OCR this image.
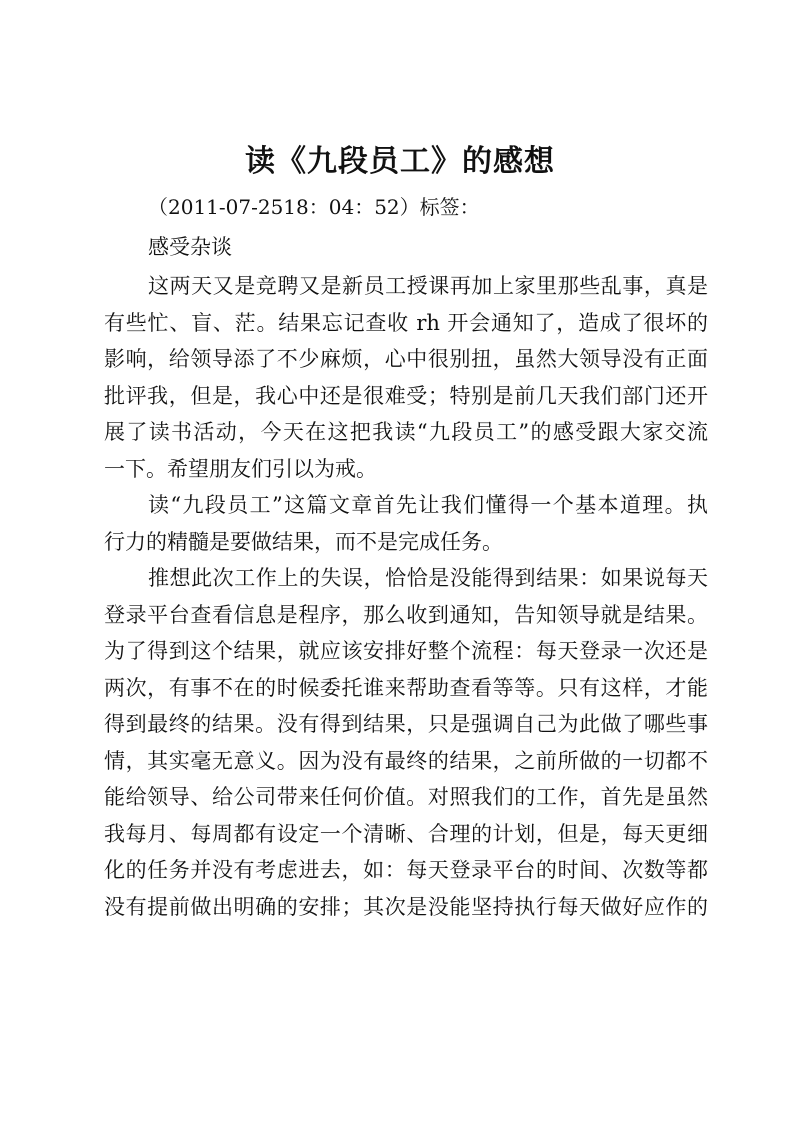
读《九段员工》的感想
（2011-07-2518：04：52）标签：
感受杂谈
这两天又是竞聘又是新员工授课再加上家里那些乱事，真是
有些忙、盲、茫。结果忘记查收 rh 开会通知了，造成了很坏的
影响，给领导添了不少麻烦，心中很别扭，虽然大领导没有正面
批评我，但是，我心中还是很难受；特别是前几天我们部门还开
展了读书活动，今天在这把我读“九段员工”的感受跟大家交流
一下。希望朋友们引以为戒。
读“九段员工”这篇文章首先让我们懂得一个基本道理。执
行力的精髓是要做结果，而不是完成任务。
推想此次工作上的失误，恰恰是没能得到结果：如果说每天
登录平台查看信息是程序，那么收到通知，告知领导就是结果。
为了得到这个结果，就应该安排好整个流程：每天登录一次还是
两次，有事不在的时候委托谁来帮助查看等等。只有这样，才能
得到最终的结果。没有得到结果，只是强调自己为此做了哪些事
情，其实毫无意义。因为没有最终的结果，之前所做的一切都不
能给领导、给公司带来任何价值。对照我们的工作，首先是虽然
我每月、每周都有设定一个清晰、合理的计划，但是，每天更细
化的任务并没有考虑进去，如：每天登录平台的时间、次数等都
没有提前做出明确的安排；其次是没能坚持执行每天做好应作的
